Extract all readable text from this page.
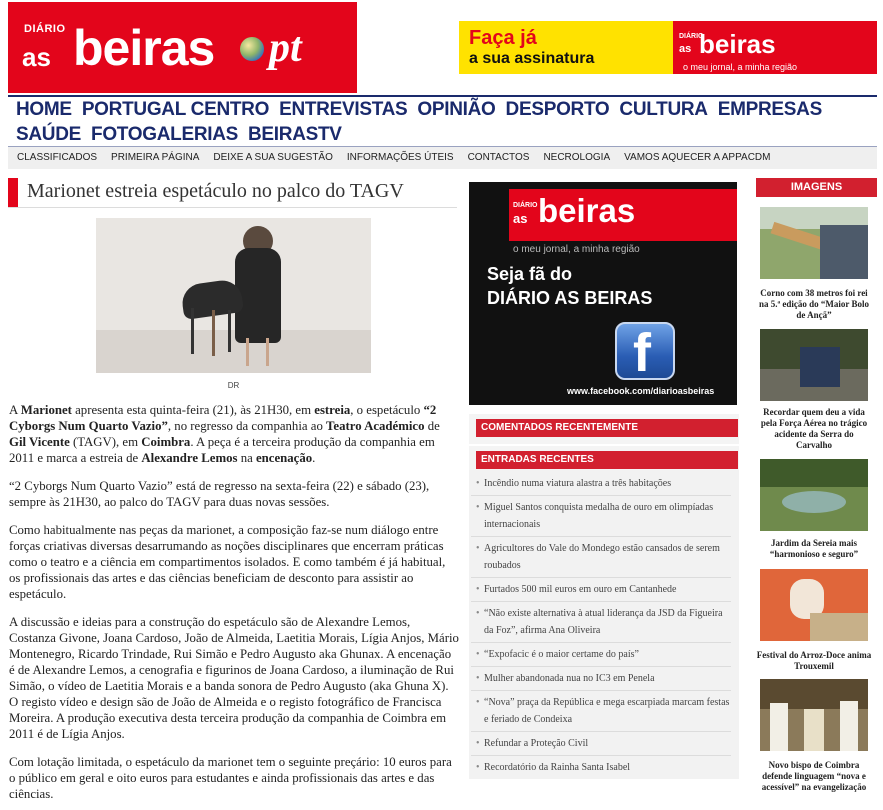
DIÁRIO
as beiras pt	Faça já
a sua assinatura
DIÁRIO
as beiras
o meu jornal, a minha região
HOME PORTUGAL CENTRO ENTREVISTAS OPINIÃO DESPORTO CULTURA EMPRESASSAÚDE FOTOGALERIAS BEIRASTV
CLASSIFICADOS PRIMEIRA PÁGINA DEIXE A SUA SUGESTÃO INFORMAÇÕES ÚTEIS CONTACTOS NECROLOGIA VAMOS AQUECER A APPACDM
Marionet estreia espetáculo no palco do TAGV
DR

A Marionet apresenta esta quinta-feira (21), às 21H30, em estreia, o espetáculo “2 Cyborgs Num Quarto Vazio”, no regresso da companhia ao Teatro Académico de Gil Vicente (TAGV), em Coimbra. A peça é a terceira produção da companhia em 2011 e marca a estreia de Alexandre Lemos na encenação.

“2 Cyborgs Num Quarto Vazio” está de regresso na sexta-feira (22) e sábado (23), sempre às 21H30, ao palco do TAGV para duas novas sessões.

Como habitualmente nas peças da marionet, a composição faz-se num diálogo entre forças criativas diversas desarrumando as noções disciplinares que encerram práticas como o teatro e a ciência em compartimentos isolados. E como também é já habitual, os profissionais das artes e das ciências beneficiam de desconto para assistir ao espetáculo.

A discussão e ideias para a construção do espetáculo são de Alexandre Lemos, Costanza Givone, Joana Cardoso, João de Almeida, Laetitia Morais, Lígia Anjos, Mário Montenegro, Ricardo Trindade, Rui Simão e Pedro Augusto aka Ghunax. A encenação é de Alexandre Lemos, a cenografia e figurinos de Joana Cardoso, a iluminação de Rui Simão, o vídeo de Laetitia Morais e a banda sonora de Pedro Augusto (aka Ghuna X). O registo vídeo e design são de João de Almeida e o registo fotográfico de Francisca Moreira. A produção executiva desta terceira produção da companhia de Coimbra em 2011 é de Lígia Anjos.

Com lotação limitada, o espetáculo da marionet tem o seguinte preçário: 10 euros para o público em geral e oito euros para estudantes e ainda profissionais das artes e das ciências.

DIÁRIO
as beiras
o meu jornal, a minha região
Seja fã do
DIÁRIO AS BEIRAS
f
www.facebook.com/diarioasbeiras
COMENTADOS RECENTEMENTE
ENTRADAS RECENTES
• Incêndio numa viatura alastra a três habitações
• Miguel Santos conquista medalha de ouro em olimpíadas internacionais
• Agricultores do Vale do Mondego estão cansados de serem roubados
• Furtados 500 mil euros em ouro em Cantanhede
• “Não existe alternativa à atual liderança da JSD da Figueira da Foz”, afirma Ana Oliveira
• “Expofacic é o maior certame do país”
• Mulher abandonada nua no IC3 em Penela
• “Nova” praça da República e mega escarpiada marcam festas e feriado de Condeixa
• Refundar a Proteção Civil
• Recordatório da Rainha Santa Isabel
IMAGENS
Corno com 38 metros foi rei na 5.ª edição do “Maior Bolo de Ançã”
Recordar quem deu a vida pela Força Aérea no trágico acidente da Serra do Carvalho
Jardim da Sereia mais “harmonioso e seguro”
Festival do Arroz-Doce anima Trouxemil
Novo bispo de Coimbra defende linguagem “nova e acessível” na evangelização
